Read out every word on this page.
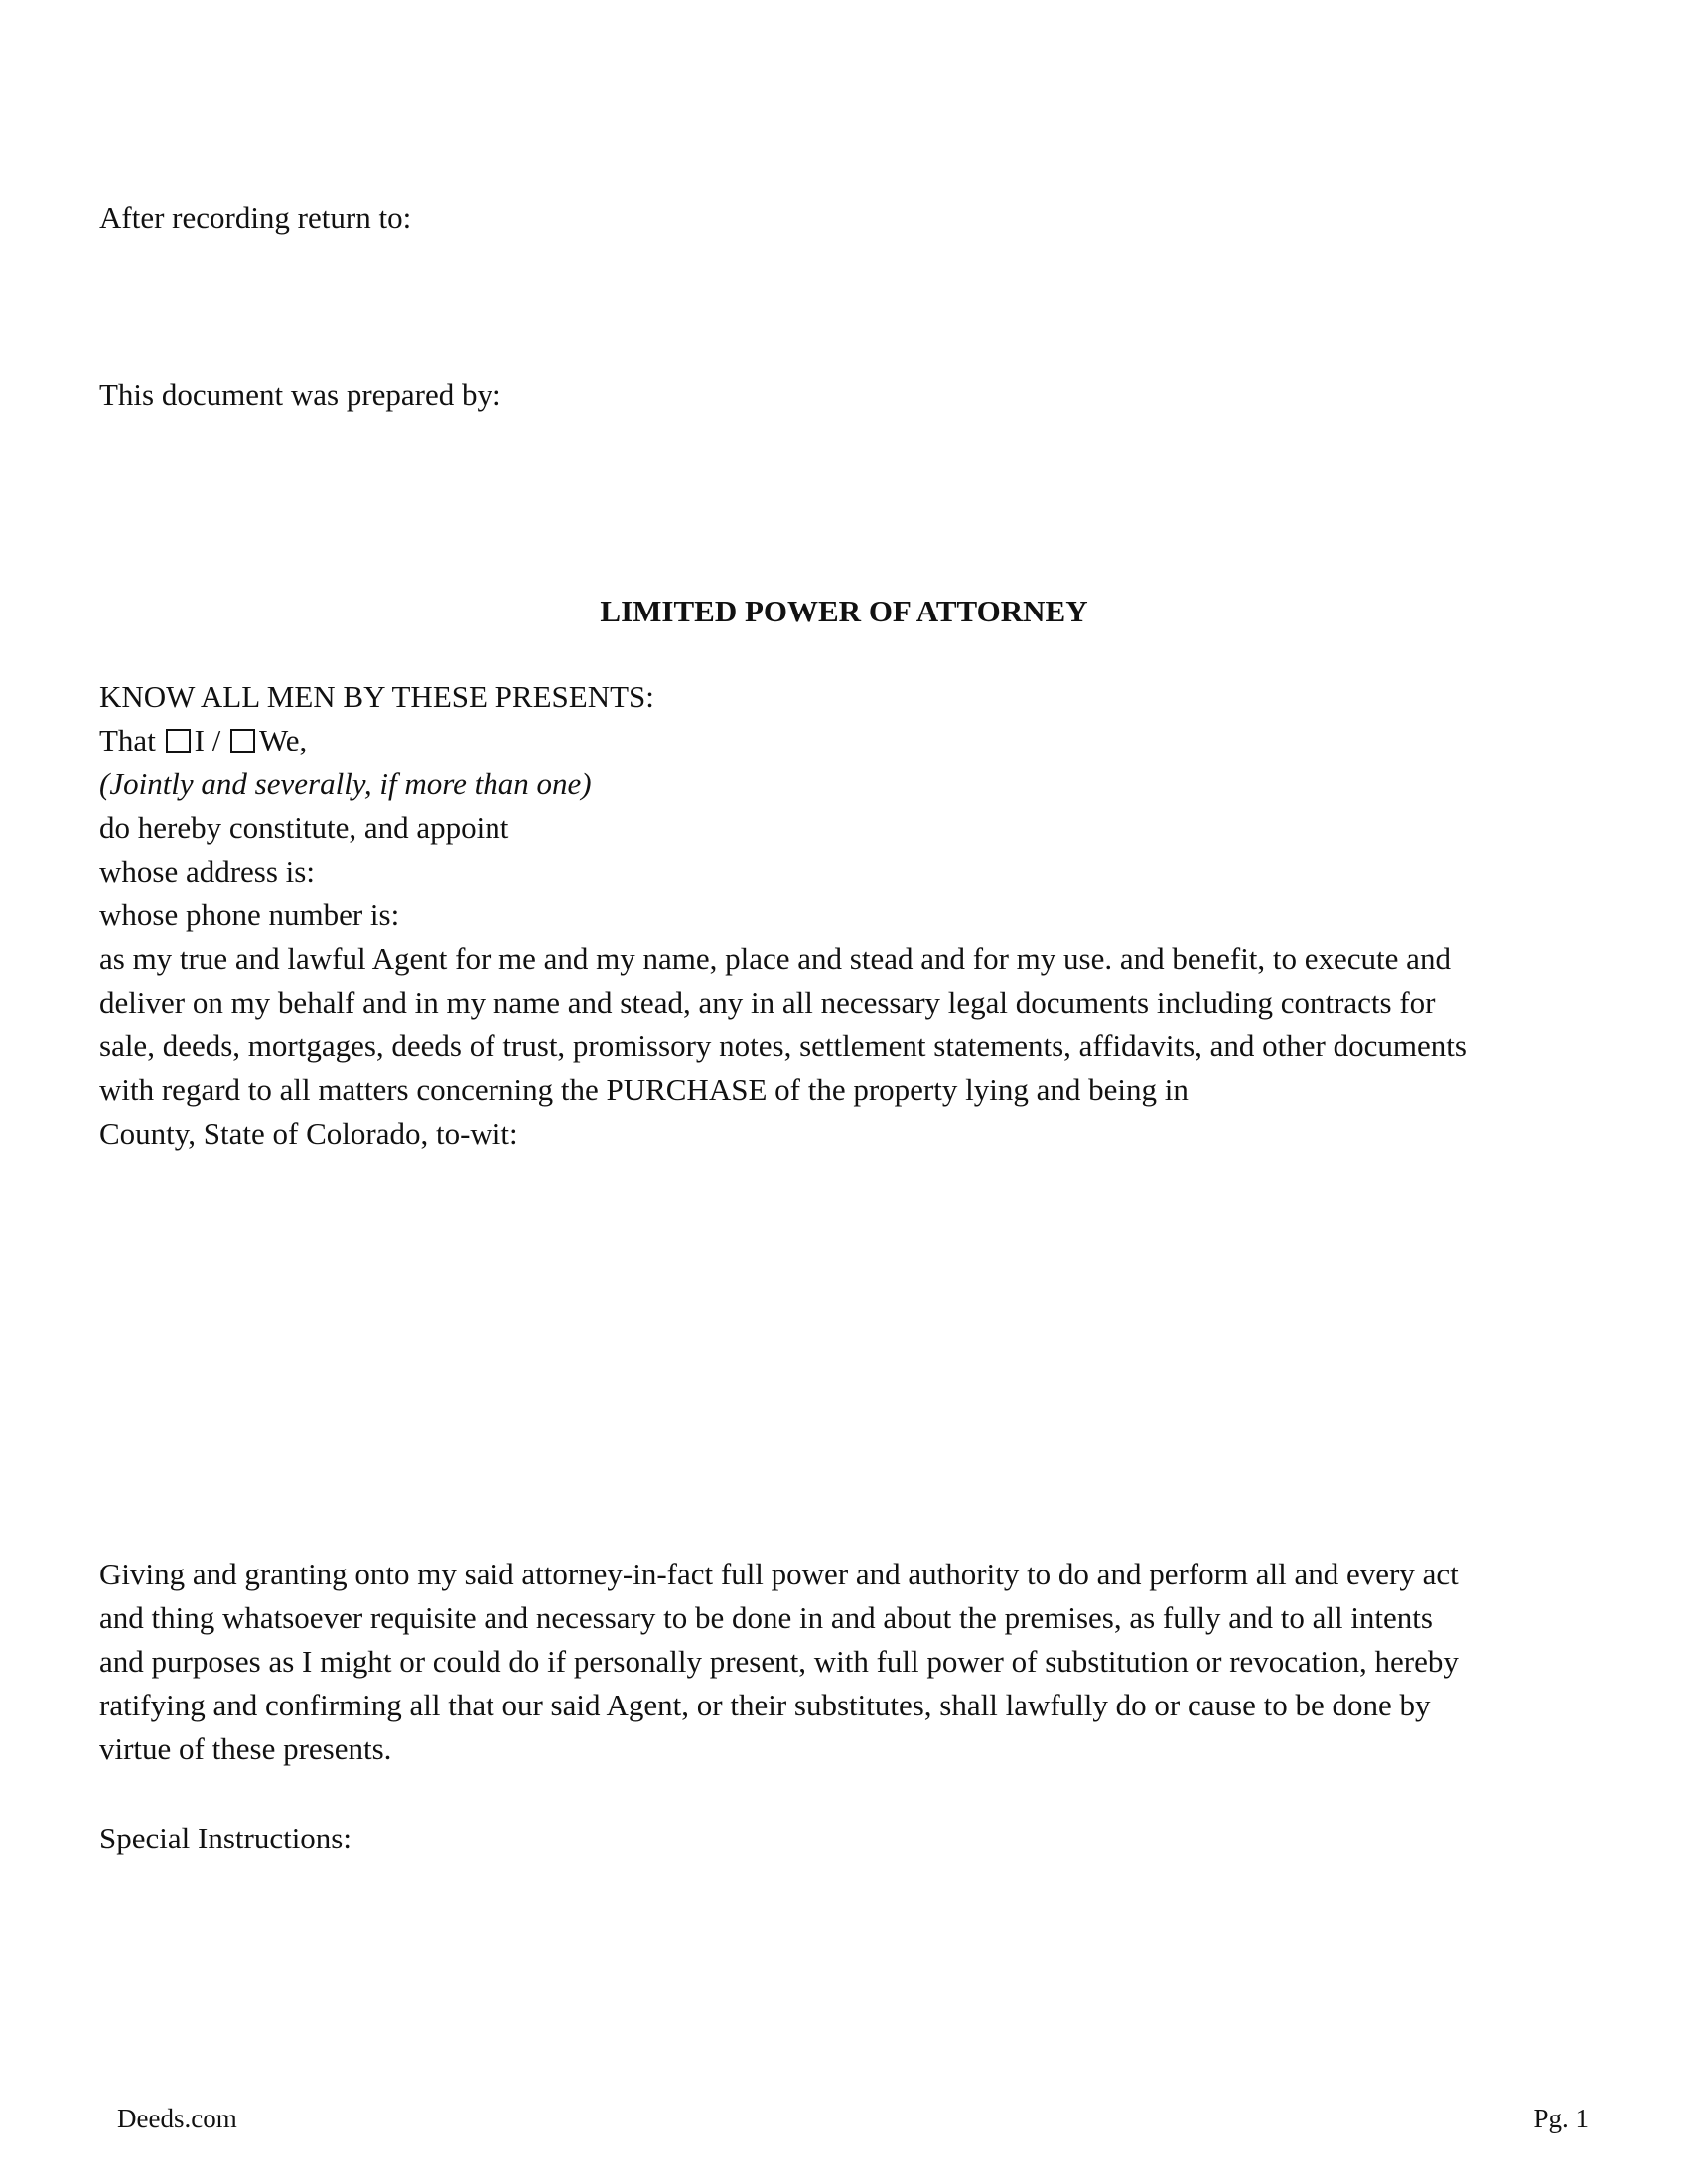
After recording return to:
This document was prepared by:
LIMITED POWER OF ATTORNEY
KNOW ALL MEN BY THESE PRESENTS:
That I / We,
(Jointly and severally, if more than one)
do hereby constitute, and appoint
whose address is:
whose phone number is:
as my true and lawful Agent for me and my name, place and stead and for my use. and benefit, to execute and
deliver on my behalf and in my name and stead, any in all necessary legal documents including contracts for
sale, deeds, mortgages, deeds of trust, promissory notes, settlement statements, affidavits, and other documents
with regard to all matters concerning the PURCHASE of the property lying and being in
County, State of Colorado, to-wit:
Giving and granting onto my said attorney-in-fact full power and authority to do and perform all and every act
and thing whatsoever requisite and necessary to be done in and about the premises, as fully and to all intents
and purposes as I might or could do if personally present, with full power of substitution or revocation, hereby
ratifying and confirming all that our said Agent, or their substitutes, shall lawfully do or cause to be done by
virtue of these presents.
Special Instructions:
Deeds.com	Pg. 1
